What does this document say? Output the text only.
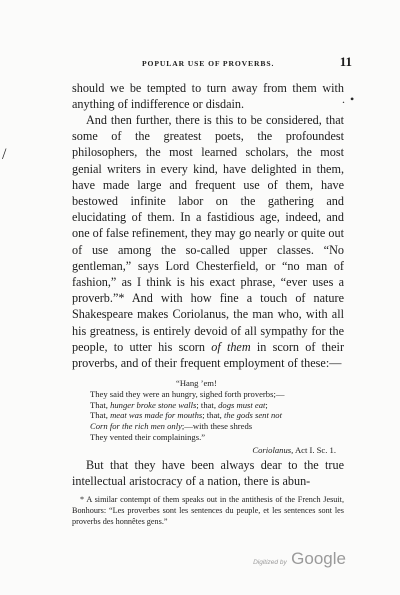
POPULAR USE OF PROVERBS.	11
/
. •
should we be tempted to turn away from them with anything of indifference or disdain.
And then further, there is this to be considered, that some of the greatest poets, the profoundest philosophers, the most learned scholars, the most genial writers in every kind, have delighted in them, have made large and frequent use of them, have bestowed infinite labor on the gathering and elucidating of them. In a fastidious age, indeed, and one of false refinement, they may go nearly or quite out of use among the so-called upper classes. “No gentleman,” says Lord Chesterfield, or “no man of fashion,” as I think is his exact phrase, “ever uses a proverb.”* And with how fine a touch of nature Shakespeare makes Coriolanus, the man who, with all his greatness, is entirely devoid of all sympathy for the people, to utter his scorn of them in scorn of their proverbs, and of their frequent employment of these:—
“Hang ’em!
They said they were an hungry, sighed forth proverbs;—
That, hunger broke stone walls; that, dogs must eat;
That, meat was made for mouths; that, the gods sent not
Corn for the rich men only;—with these shreds
They vented their complainings.”
Coriolanus, Act I. Sc. 1.
But that they have been always dear to the true intellectual aristocracy of a nation, there is abun-
* A similar contempt of them speaks out in the antithesis of the French Jesuit, Bonhours: “Les proverbes sont les sentences du peuple, et les sentences sont les proverbs des honnêtes gens.”
Digitized by Google
